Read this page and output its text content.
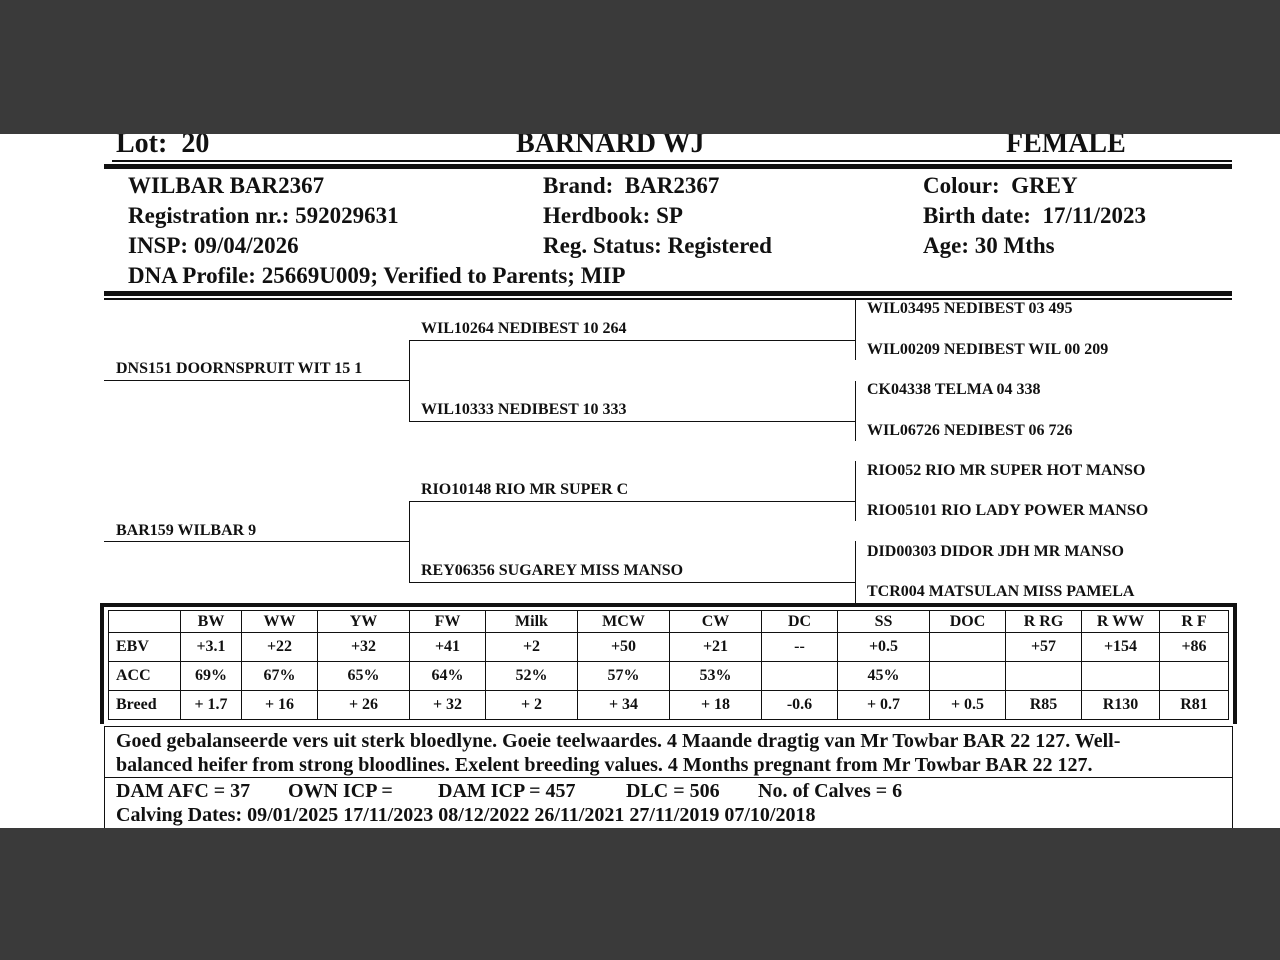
Lot: 20	BARNARD WJ	FEMALE
WILBAR BAR2367	Brand: BAR2367	Colour: GREY
Registration nr.: 592029631	Herdbook: SP	Birth date: 17/11/2023
INSP: 09/04/2026	Reg. Status: Registered	Age: 30 Mths
DNA Profile: 25669U009; Verified to Parents; MIP
DNS151 DOORNSPRUIT WIT 15 1
BAR159 WILBAR 9
WIL10264 NEDIBEST 10 264
WIL10333 NEDIBEST 10 333
RIO10148 RIO MR SUPER C
REY06356 SUGAREY MISS MANSO
WIL03495 NEDIBEST 03 495
WIL00209 NEDIBEST WIL 00 209
CK04338 TELMA 04 338
WIL06726 NEDIBEST 06 726
RIO052 RIO MR SUPER HOT MANSO
RIO05101 RIO LADY POWER MANSO
DID00303 DIDOR JDH MR MANSO
TCR004 MATSULAN MISS PAMELA
	BW	WW	YW	FW	Milk	MCW	CW	DC	SS	DOC	R RG	R WW	R F
EBV	+3.1	+22	+32	+41	+2	+50	+21	--	+0.5		+57	+154	+86
ACC	69%	67%	65%	64%	52%	57%	53%		45%				
Breed	+ 1.7	+ 16	+ 26	+ 32	+ 2	+ 34	+ 18	-0.6	+ 0.7	+ 0.5	R85	R130	R81
Goed gebalanseerde vers uit sterk bloedlyne. Goeie teelwaardes. 4 Maande dragtig van Mr Towbar BAR 22 127. Well-
balanced heifer from strong bloodlines. Exelent breeding values. 4 Months pregnant from Mr Towbar BAR 22 127.
DAM AFC = 37 OWN ICP = DAM ICP = 457	DLC = 506 No. of Calves = 6
Calving Dates: 09/01/2025 17/11/2023 08/12/2022 26/11/2021 27/11/2019 07/10/2018
